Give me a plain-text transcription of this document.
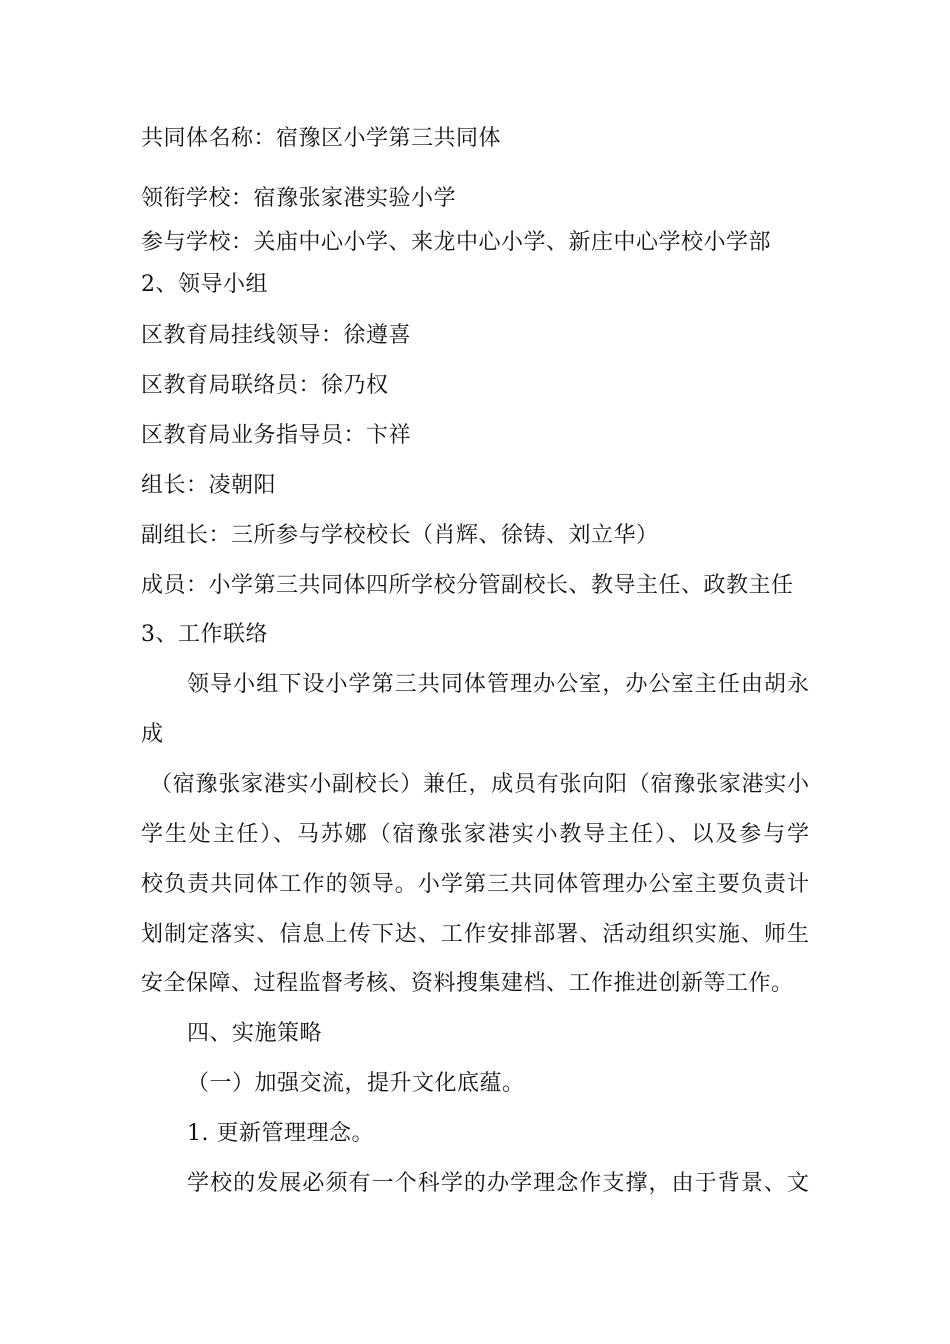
共同体名称：宿豫区小学第三共同体
领衔学校：宿豫张家港实验小学
参与学校：关庙中心小学、来龙中心小学、新庄中心学校小学部
2、领导小组
区教育局挂线领导：徐遵喜
区教育局联络员：徐乃权
区教育局业务指导员：卞祥
组长：凌朝阳
副组长：三所参与学校校长（肖辉、徐铸、刘立华）
成员：小学第三共同体四所学校分管副校长、教导主任、政教主任
3、工作联络
领导小组下设小学第三共同体管理办公室，办公室主任由胡永
成
（宿豫张家港实小副校长）兼任，成员有张向阳（宿豫张家港实小
学生处主任）、马苏娜（宿豫张家港实小教导主任）、以及参与学
校负责共同体工作的领导。小学第三共同体管理办公室主要负责计
划制定落实、信息上传下达、工作安排部署、活动组织实施、师生
安全保障、过程监督考核、资料搜集建档、工作推进创新等工作。
四、实施策略
（一）加强交流，提升文化底蕴。
1. 更新管理理念。
学校的发展必须有一个科学的办学理念作支撑，由于背景、文
